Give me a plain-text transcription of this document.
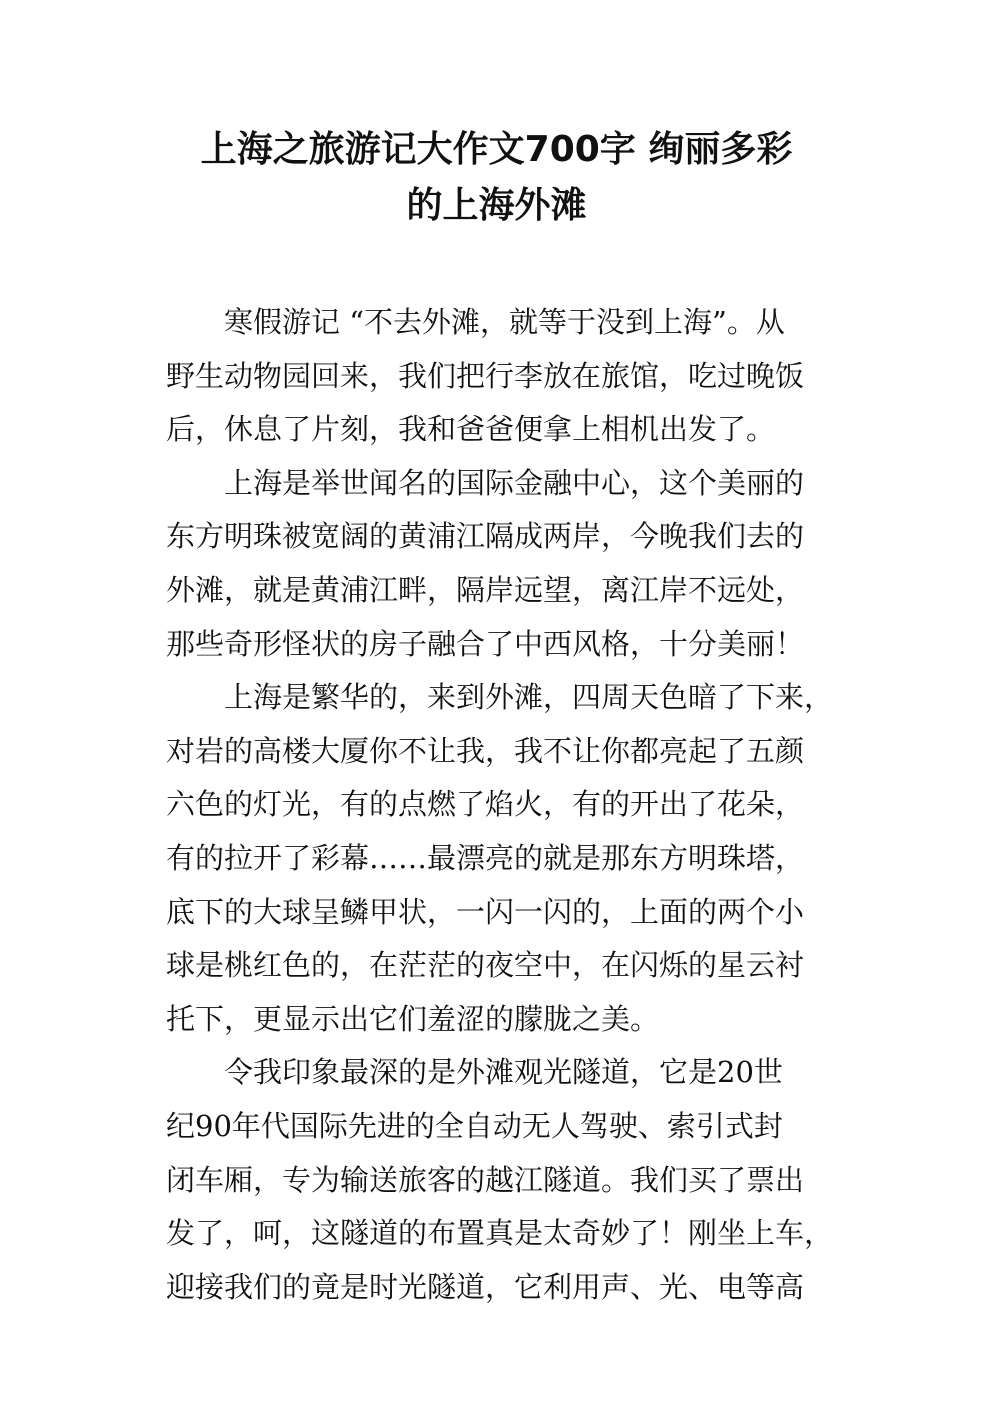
上海之旅游记大作文700字 绚丽多彩
的上海外滩
寒假游记 “不去外滩，就等于没到上海”。从
野生动物园回来，我们把行李放在旅馆，吃过晚饭
后，休息了片刻，我和爸爸便拿上相机出发了。
上海是举世闻名的国际金融中心，这个美丽的
东方明珠被宽阔的黄浦江隔成两岸，今晚我们去的
外滩，就是黄浦江畔，隔岸远望，离江岸不远处，
那些奇形怪状的房子融合了中西风格，十分美丽！
上海是繁华的，来到外滩，四周天色暗了下来，
对岩的高楼大厦你不让我，我不让你都亮起了五颜
六色的灯光，有的点燃了焰火，有的开出了花朵，
有的拉开了彩幕……最漂亮的就是那东方明珠塔，
底下的大球呈鳞甲状，一闪一闪的，上面的两个小
球是桃红色的，在茫茫的夜空中，在闪烁的星云衬
托下，更显示出它们羞涩的朦胧之美。
令我印象最深的是外滩观光隧道，它是20世
纪90年代国际先进的全自动无人驾驶、索引式封
闭车厢，专为输送旅客的越江隧道。我们买了票出
发了，呵，这隧道的布置真是太奇妙了！刚坐上车，
迎接我们的竟是时光隧道，它利用声、光、电等高
